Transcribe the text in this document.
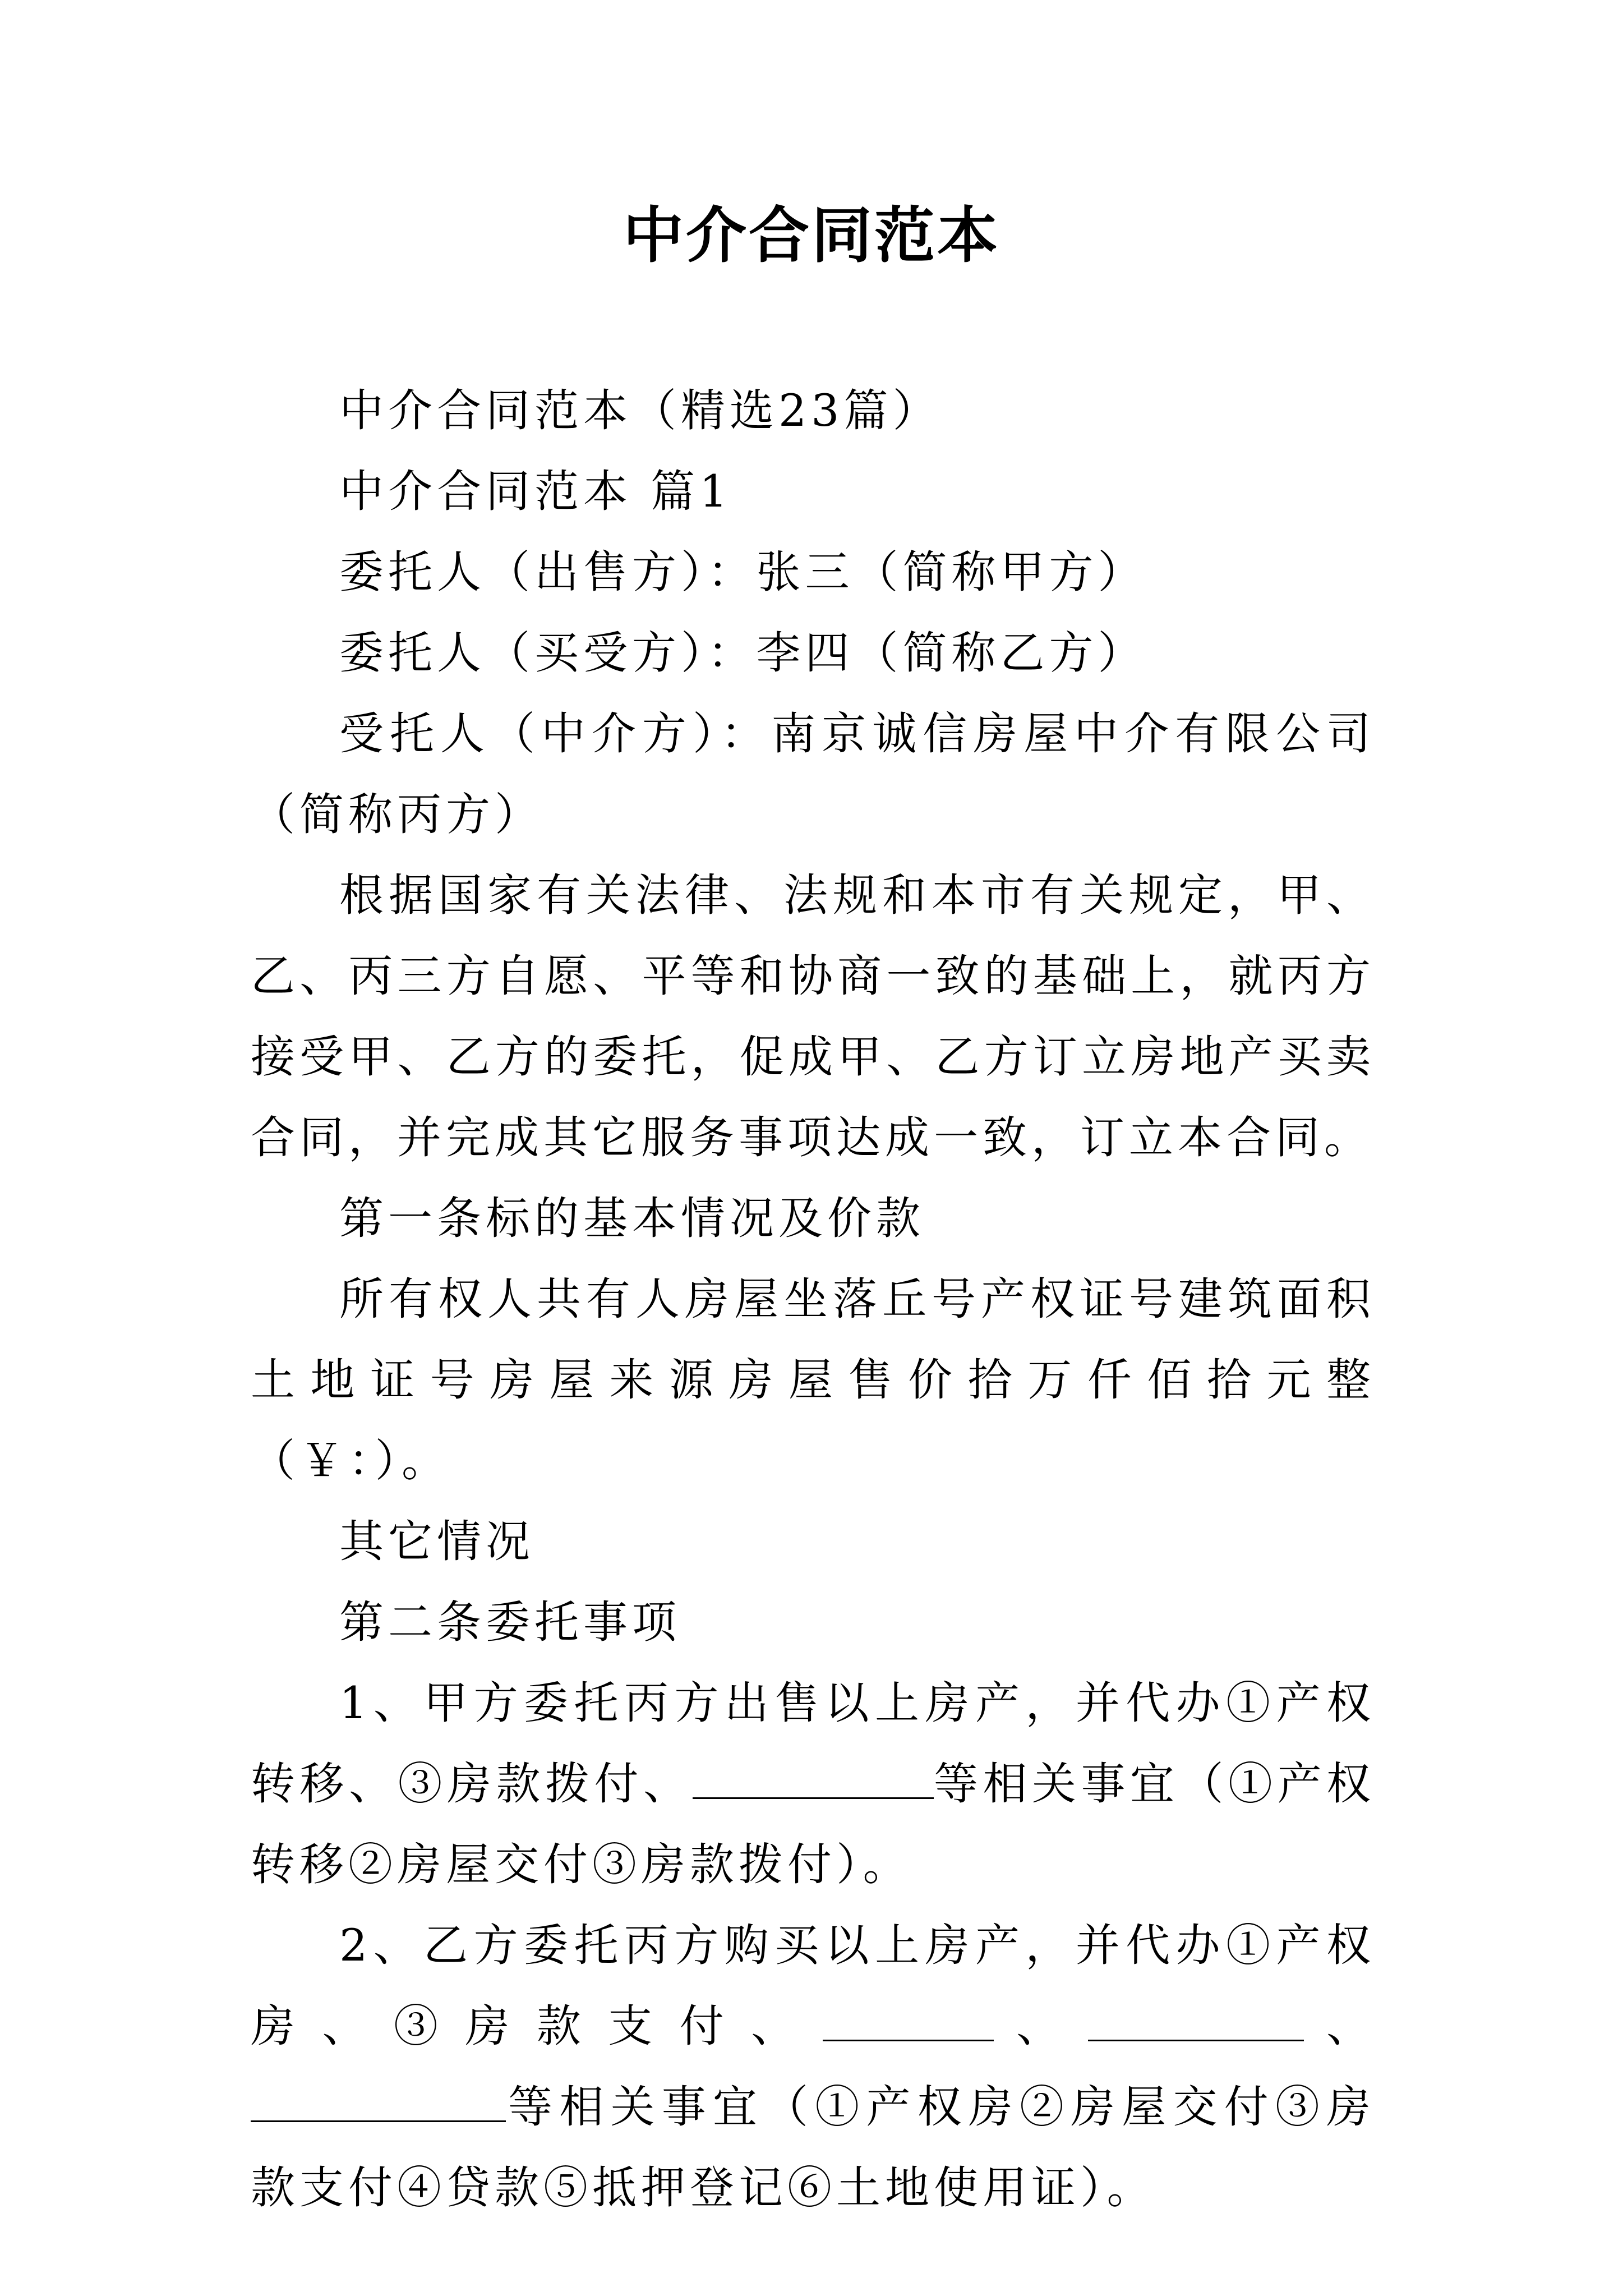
中介合同范本

中介合同范本（精选23篇）

中介合同范本 篇1

委托人（出售方）：张三（简称甲方）

委托人（买受方）：李四（简称乙方）

受托人（中介方）：南京诚信房屋中介有限公司（简称丙方）

根据国家有关法律、法规和本市有关规定，甲、乙、丙三方自愿、平等和协商一致的基础上，就丙方接受甲、乙方的委托，促成甲、乙方订立房地产买卖合同，并完成其它服务事项达成一致，订立本合同。

第一条标的基本情况及价款

所有权人共有人房屋坐落丘号产权证号建筑面积土地证号房屋来源房屋售价拾万仟佰拾元整（￥：）。

其它情况

第二条委托事项

1、甲方委托丙方出售以上房产，并代办①产权转移、③房款拨付、	等相关事宜（①产权转移②房屋交付③房款拨付）。

2、乙方委托丙方购买以上房产，并代办①产权房、③房款支付、	、	、等相关事宜（①产权房②房屋交付③房款支付④贷款⑤抵押登记⑥土地使用证）。
